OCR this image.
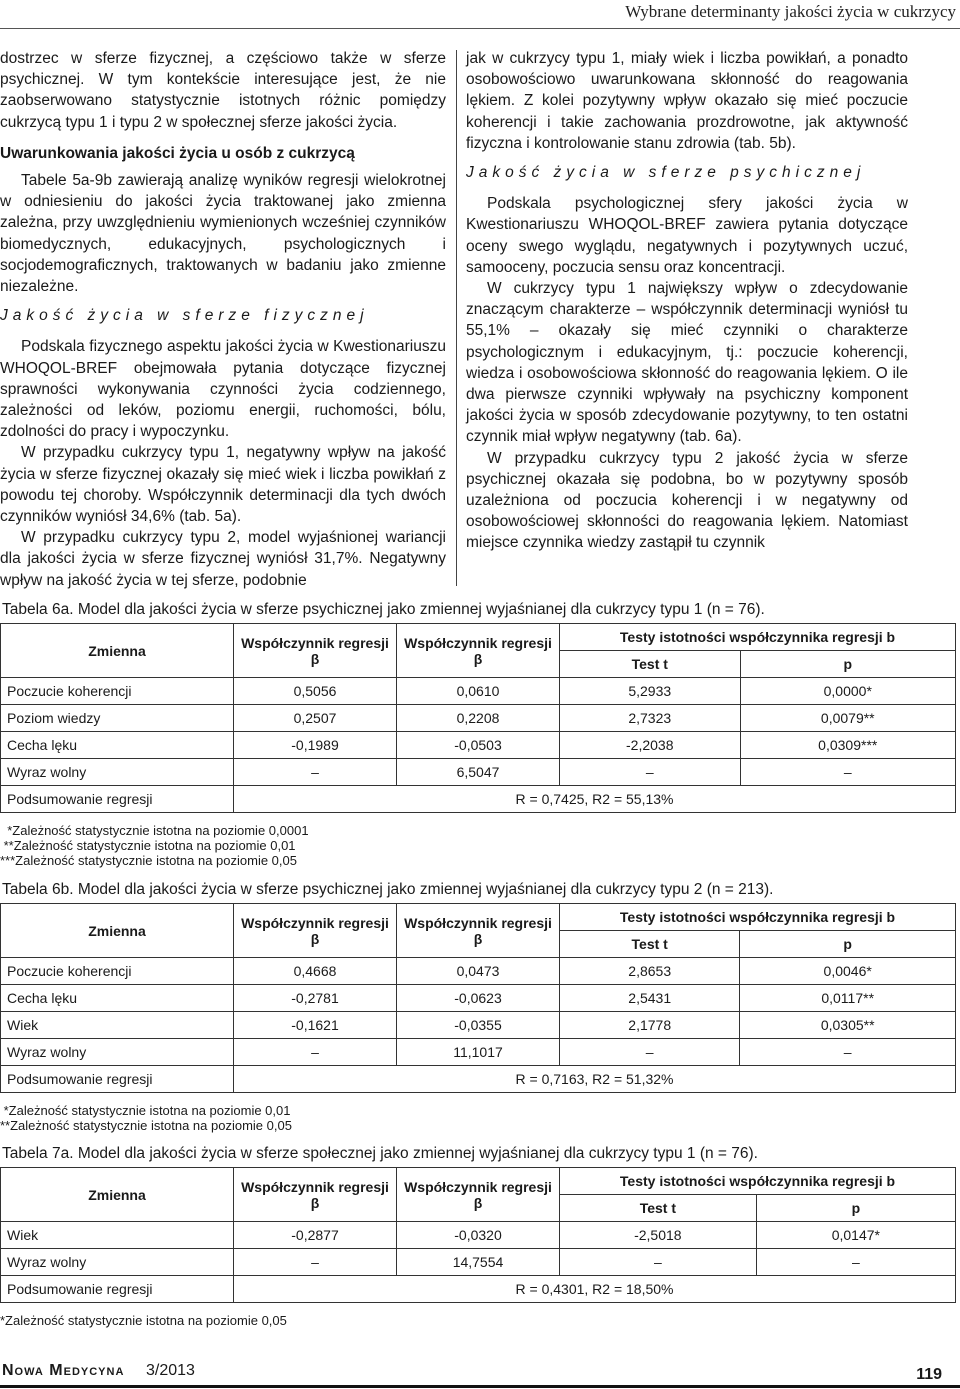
Wybrane determinanty jakości życia w cukrzycy

dostrzec w sferze fizycznej, a częściowo także w sferze psychicznej. W tym kontekście interesujące jest, że nie zaobserwowano statystycznie istotnych różnic pomiędzy cukrzycą typu 1 i typu 2 w społecznej sferze jakości życia.

Uwarunkowania jakości życia u osób z cukrzycą

Tabele 5a-9b zawierają analizę wyników regresji wielokrotnej w odniesieniu do jakości życia traktowanej jako zmienna zależna, przy uwzględnieniu wymienionych wcześniej czynników biomedycznych, edukacyjnych, psychologicznych i socjodemograficznych, traktowanych w badaniu jako zmienne niezależne.

Jakość życia w sferze fizycznej

Podskala fizycznego aspektu jakości życia w Kwestionariuszu WHOQOL-BREF obejmowała pytania dotyczące fizycznej sprawności wykonywania czynności życia codziennego, zależności od leków, poziomu energii, ruchomości, bólu, zdolności do pracy i wypoczynku.

W przypadku cukrzycy typu 1, negatywny wpływ na jakość życia w sferze fizycznej okazały się mieć wiek i liczba powikłań z powodu tej choroby. Współczynnik determinacji dla tych dwóch czynników wyniósł 34,6% (tab. 5a).

W przypadku cukrzycy typu 2, model wyjaśnionej wariancji dla jakości życia w sferze fizycznej wyniósł 31,7%. Negatywny wpływ na jakość życia w tej sferze, podobnie

jak w cukrzycy typu 1, miały wiek i liczba powikłań, a ponadto osobowościowo uwarunkowana skłonność do reagowania lękiem. Z kolei pozytywny wpływ okazało się mieć poczucie koherencji i takie zachowania prozdrowotne, jak aktywność fizyczna i kontrolowanie stanu zdrowia (tab. 5b).

Jakość życia w sferze psychicznej

Podskala psychologicznej sfery jakości życia w Kwestionariuszu WHOQOL-BREF zawiera pytania dotyczące oceny swego wyglądu, negatywnych i pozytywnych uczuć, samooceny, poczucia sensu oraz koncentracji.

W cukrzycy typu 1 największy wpływ o zdecydowanie znaczącym charakterze – współczynnik determinacji wyniósł tu 55,1% – okazały się mieć czynniki o charakterze psychologicznym i edukacyjnym, tj.: poczucie koherencji, wiedza i osobowościowa skłonność do reagowania lękiem. O ile dwa pierwsze czynniki wpływały na psychiczny komponent jakości życia w sposób zdecydowanie pozytywny, to ten ostatni czynnik miał wpływ negatywny (tab. 6a).

W przypadku cukrzycy typu 2 jakość życia w sferze psychicznej okazała się podobna, bo w pozytywny sposób uzależniona od poczucia koherencji i w negatywny od osobowościowej skłonności do reagowania lękiem. Natomiast miejsce czynnika wiedzy zastąpił tu czynnik

Tabela 6a. Model dla jakości życia w sferze psychicznej jako zmiennej wyjaśnianej dla cukrzycy typu 1 (n = 76).
Zmienna	Współczynnik regresji β	Współczynnik regresji β	Testy istotności współczynnika regresji b	
			Test t	p
Poczucie koherencji	0,5056	0,0610	5,2933	0,0000*
Poziom wiedzy	0,2507	0,2208	2,7323	0,0079**
Cecha lęku	-0,1989	-0,0503	-2,2038	0,0309***
Wyraz wolny	–	6,5047	–	–
Podsumowanie regresji	R = 0,7425, R2 = 55,13%			
*Zależność statystycznie istotna na poziomie 0,0001
**Zależność statystycznie istotna na poziomie 0,01
***Zależność statystycznie istotna na poziomie 0,05
Tabela 6b. Model dla jakości życia w sferze psychicznej jako zmiennej wyjaśnianej dla cukrzycy typu 2 (n = 213).
Zmienna	Współczynnik regresji β	Współczynnik regresji β	Testy istotności współczynnika regresji b	
			Test t	p
Poczucie koherencji	0,4668	0,0473	2,8653	0,0046*
Cecha lęku	-0,2781	-0,0623	2,5431	0,0117**
Wiek	-0,1621	-0,0355	2,1778	0,0305**
Wyraz wolny	–	11,1017	–	–
Podsumowanie regresji	R = 0,7163, R2 = 51,32%			
*Zależność statystycznie istotna na poziomie 0,01
**Zależność statystycznie istotna na poziomie 0,05
Tabela 7a. Model dla jakości życia w sferze społecznej jako zmiennej wyjaśnianej dla cukrzycy typu 1 (n = 76).
Zmienna	Współczynnik regresji β	Współczynnik regresji β	Testy istotności współczynnika regresji b	
			Test t	p
Wiek	-0,2877	-0,0320	-2,5018	0,0147*
Wyraz wolny	–	14,7554	–	–
Podsumowanie regresji	R = 0,4301, R2 = 18,50%			
*Zależność statystycznie istotna na poziomie 0,05
Nowa Medycyna 3/2013	119
